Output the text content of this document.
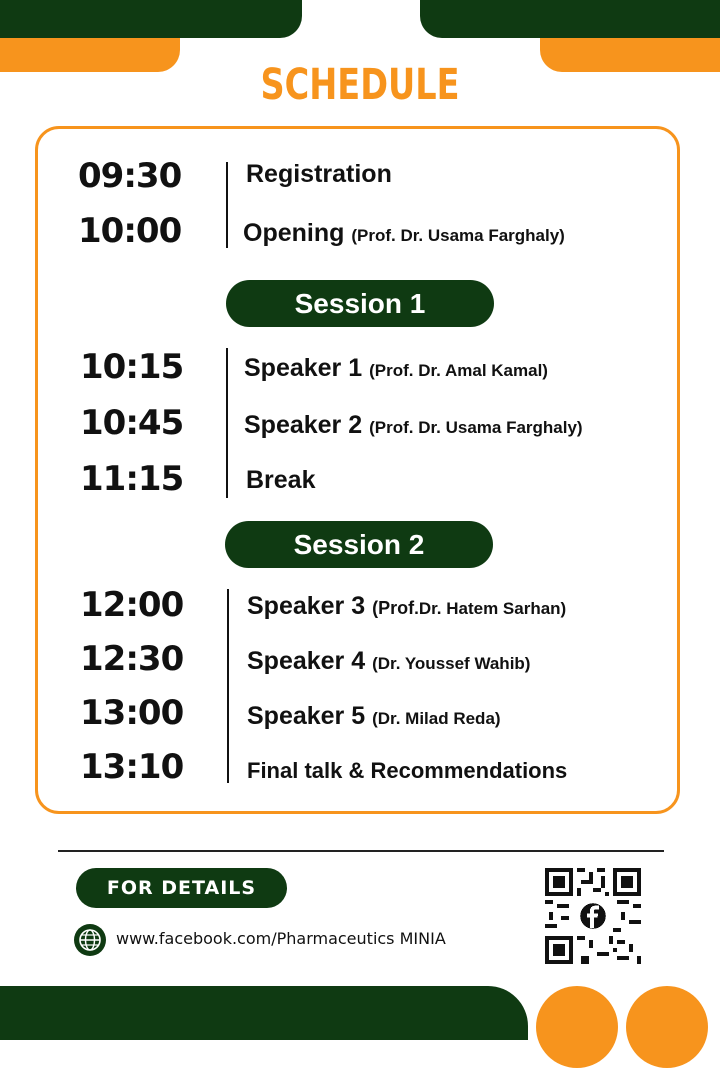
SCHEDULE
09:30
10:00
Registration
Opening (Prof. Dr. Usama Farghaly)
Session 1
10:15
10:45
11:15
Speaker 1 (Prof. Dr. Amal Kamal)
Speaker 2 (Prof. Dr. Usama Farghaly)
Break
Session 2
12:00
12:30
13:00
13:10
Speaker 3 (Prof.Dr. Hatem Sarhan)
Speaker 4 (Dr. Youssef Wahib)
Speaker 5 (Dr. Milad Reda)
Final talk & Recommendations
FOR DETAILS
www.facebook.com/Pharmaceutics MINIA
